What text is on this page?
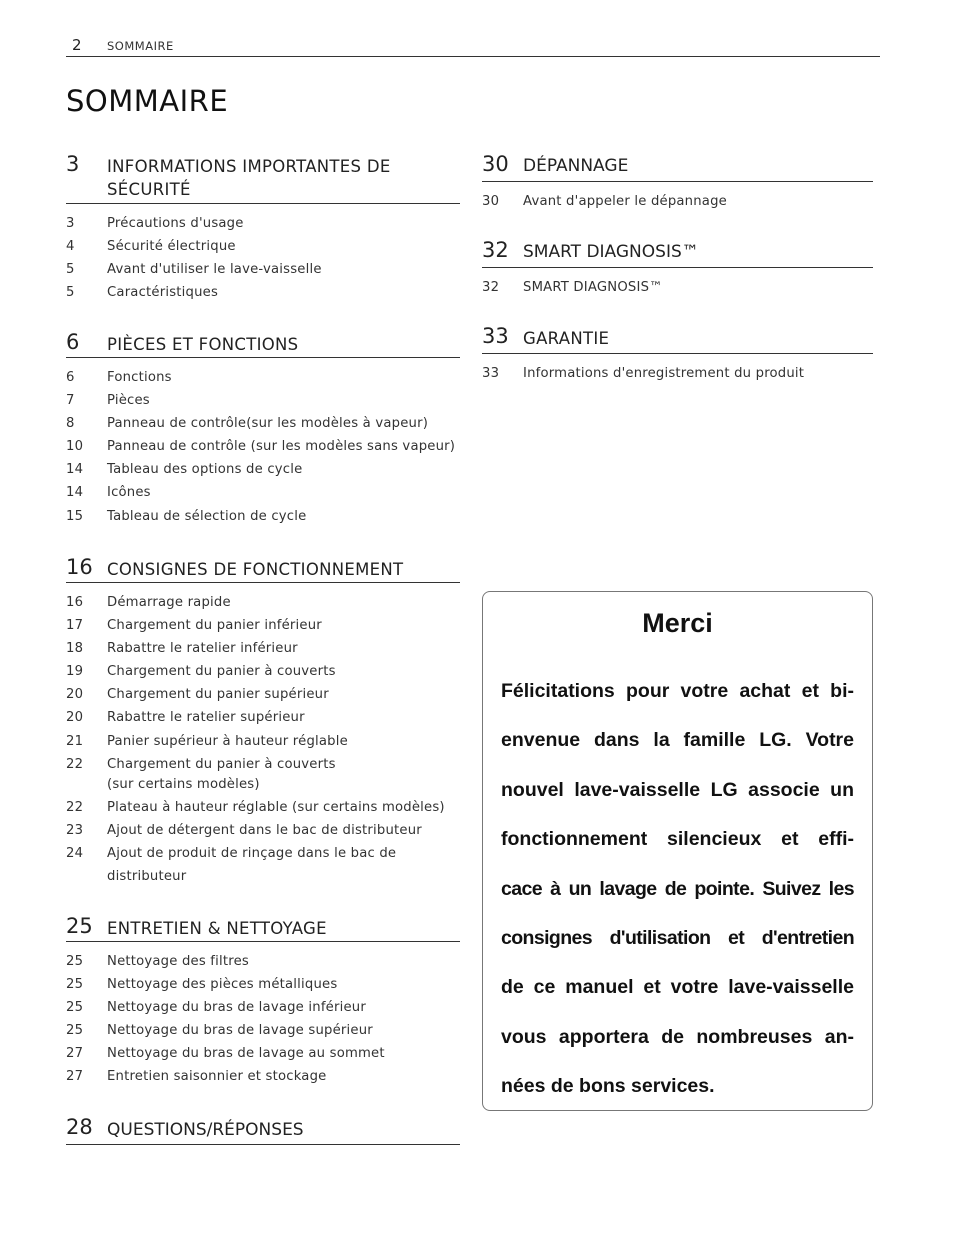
2 SOMMAIRE
SOMMAIRE
3 INFORMATIONS IMPORTANTES DE SÉCURITÉ
3 Précautions d'usage
4 Sécurité électrique
5 Avant d'utiliser le lave-vaisselle
5 Caractéristiques
6 PIÈCES ET FONCTIONS
6 Fonctions
7 Pièces
8 Panneau de contrôle(sur les modèles à vapeur)
10 Panneau de contrôle (sur les modèles sans vapeur)
14 Tableau des options de cycle
14 Icônes
15 Tableau de sélection de cycle
16 CONSIGNES DE FONCTIONNEMENT
16 Démarrage rapide
17 Chargement du panier inférieur
18 Rabattre le ratelier inférieur
19 Chargement du panier à couverts
20 Chargement du panier supérieur
20 Rabattre le ratelier supérieur
21 Panier supérieur à hauteur réglable
22 Chargement du panier à couverts
(sur certains modèles)
22 Plateau à hauteur réglable (sur certains modèles)
23 Ajout de détergent dans le bac de distributeur
24 Ajout de produit de rinçage dans le bac de
distributeur
25 ENTRETIEN & NETTOYAGE
25 Nettoyage des filtres
25 Nettoyage des pièces métalliques
25 Nettoyage du bras de lavage inférieur
25 Nettoyage du bras de lavage supérieur
27 Nettoyage du bras de lavage au sommet
27 Entretien saisonnier et stockage
28 QUESTIONS/RÉPONSES
30 DÉPANNAGE
30 Avant d'appeler le dépannage
32 SMART DIAGNOSIS™
32 SMART DIAGNOSIS™
33 GARANTIE
33 Informations d'enregistrement du produit
Merci
Félicitations pour votre achat et bi-
envenue dans la famille LG. Votre
nouvel lave-vaisselle LG associe un
fonctionnement silencieux et effi-
cace à un lavage de pointe. Suivez les
consignes d'utilisation et d'entretien
de ce manuel et votre lave-vaisselle
vous apportera de nombreuses an-
nées de bons services.
